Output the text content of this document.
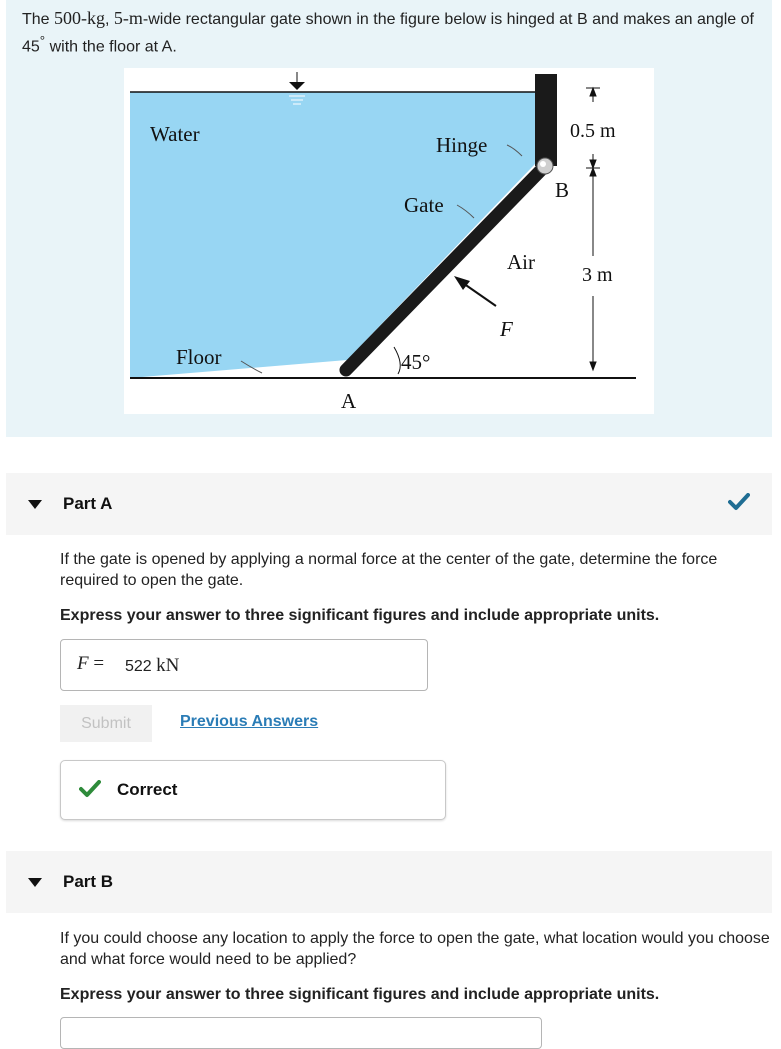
The 500-kg, 5-m-wide rectangular gate shown in the figure below is hinged at B and makes an angle of 45° with the floor at A.
Water	Hinge
Gate
Air
Floor	45°
F
A
B
0.5 m
3 m
Part A
If the gate is opened by applying a normal force at the center of the gate, determine the force required to open the gate.
Express your answer to three significant figures and include appropriate units.
F = 522 kN
Submit	Previous Answers
Correct
Part B
If you could choose any location to apply the force to open the gate, what location would you choose and what force would need to be applied?
Express your answer to three significant figures and include appropriate units.
